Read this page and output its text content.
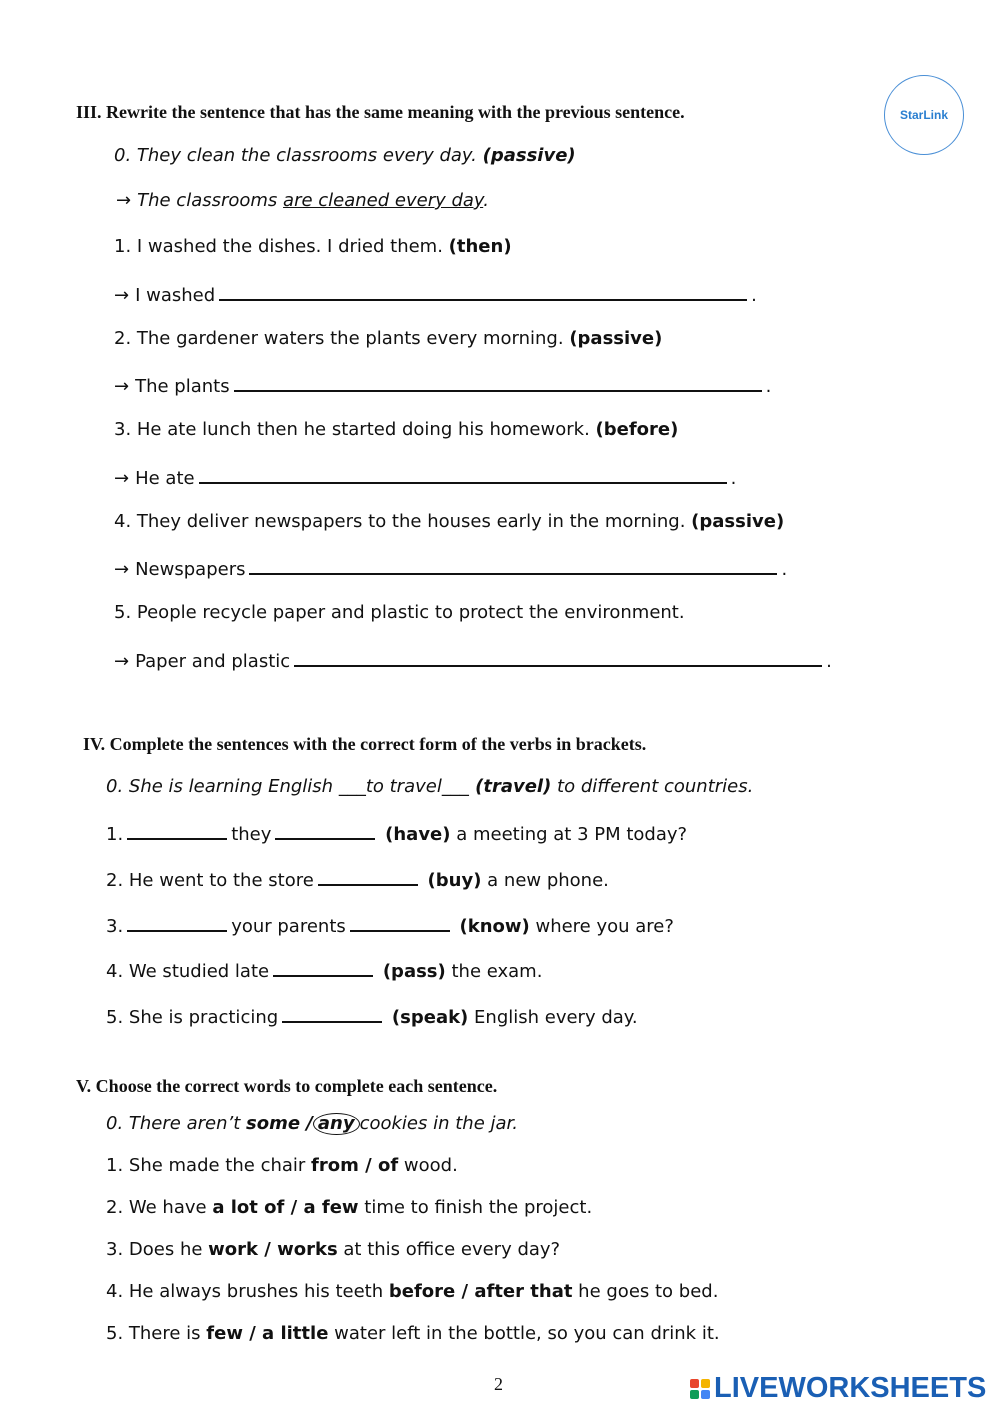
StarLink
III. Rewrite the sentence that has the same meaning with the previous sentence.
0. They clean the classrooms every day. (passive)
→ The classrooms are cleaned every day.
1. I washed the dishes. I dried them. (then)
→ I washed	.
2. The gardener waters the plants every morning. (passive)
→ The plants	.
3. He ate lunch then he started doing his homework. (before)
→ He ate	.
4. They deliver newspapers to the houses early in the morning. (passive)
→ Newspapers	.
5. People recycle paper and plastic to protect the environment.
→ Paper and plastic	.
IV. Complete the sentences with the correct form of the verbs in brackets.
0. She is learning English ___to travel___ (travel) to different countries.
1.	they	(have) a meeting at 3 PM today?
2. He went to the store	(buy) a new phone.
3.	your parents	(know) where you are?
4. We studied late	(pass) the exam.
5. She is practicing	(speak) English every day.
V. Choose the correct words to complete each sentence.
0. There aren’t some / any cookies in the jar.
1. She made the chair from / of wood.
2. We have a lot of / a few time to finish the project.
3. Does he work / works at this office every day?
4. He always brushes his teeth before / after that he goes to bed.
5. There is few / a little water left in the bottle, so you can drink it.
2	LIVEWORKSHEETS
